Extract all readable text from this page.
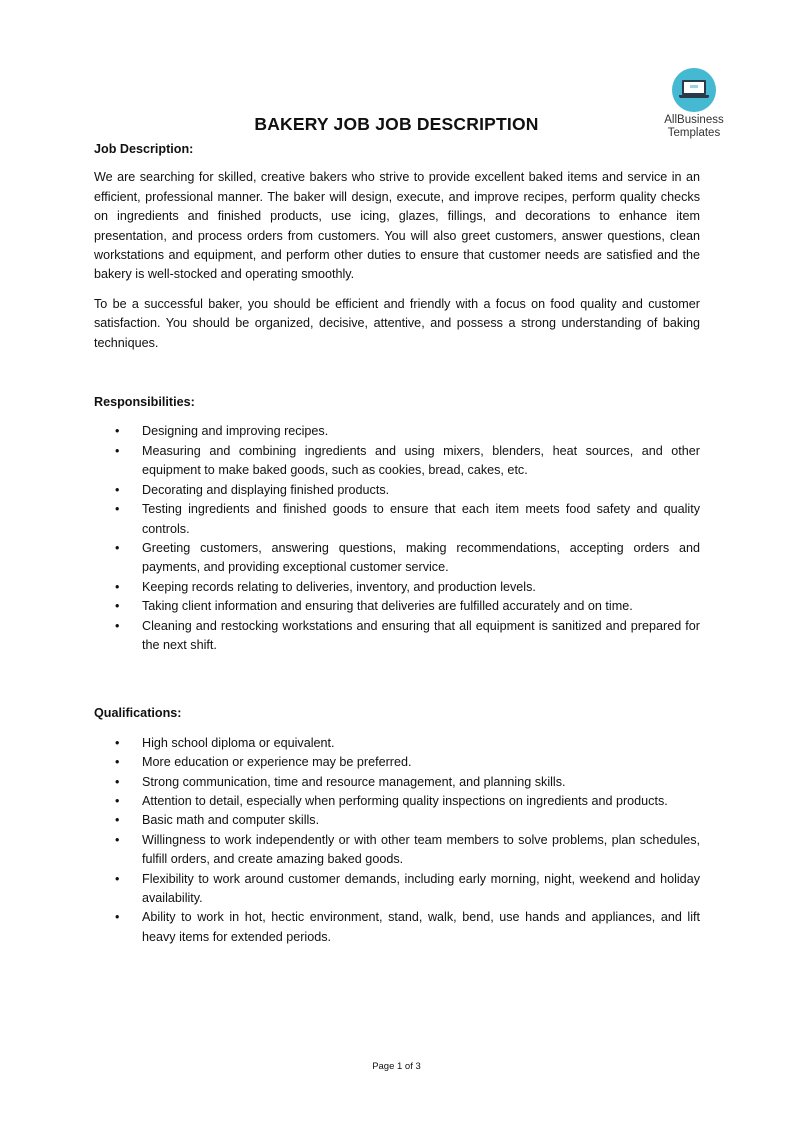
AllBusiness
Templates
BAKERY JOB JOB DESCRIPTION

Job Description:

We are searching for skilled, creative bakers who strive to provide excellent baked items and service in an efficient, professional manner. The baker will design, execute, and improve recipes, perform quality checks on ingredients and finished products, use icing, glazes, fillings, and decorations to enhance item presentation, and process orders from customers. You will also greet customers, answer questions, clean workstations and equipment, and perform other duties to ensure that customer needs are satisfied and the bakery is well-stocked and operating smoothly.

To be a successful baker, you should be efficient and friendly with a focus on food quality and customer satisfaction. You should be organized, decisive, attentive, and possess a strong understanding of baking techniques.

Responsibilities:

• Designing and improving recipes.
• Measuring and combining ingredients and using mixers, blenders, heat sources, and other equipment to make baked goods, such as cookies, bread, cakes, etc.
• Decorating and displaying finished products.
• Testing ingredients and finished goods to ensure that each item meets food safety and quality controls.
• Greeting customers, answering questions, making recommendations, accepting orders and payments, and providing exceptional customer service.
• Keeping records relating to deliveries, inventory, and production levels.
• Taking client information and ensuring that deliveries are fulfilled accurately and on time.
• Cleaning and restocking workstations and ensuring that all equipment is sanitized and prepared for the next shift.

Qualifications:

• High school diploma or equivalent.
• More education or experience may be preferred.
• Strong communication, time and resource management, and planning skills.
• Attention to detail, especially when performing quality inspections on ingredients and products.
• Basic math and computer skills.
• Willingness to work independently or with other team members to solve problems, plan schedules, fulfill orders, and create amazing baked goods.
• Flexibility to work around customer demands, including early morning, night, weekend and holiday availability.
• Ability to work in hot, hectic environment, stand, walk, bend, use hands and appliances, and lift heavy items for extended periods.
Page 1 of 3
